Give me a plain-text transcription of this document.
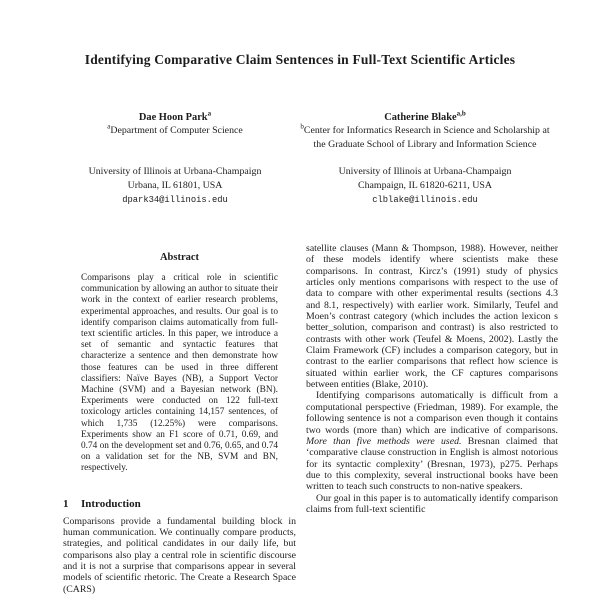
Identifying Comparative Claim Sentences in Full-Text Scientific Articles
Dae Hoon Park$^a$
$^a$Department of Computer Science
University of Illinois at Urbana-Champaign
Urbana, IL 61801, USA
dpark34@illinois.edu
Catherine Blake$^{a,b}$
$^b$Center for Informatics Research in Science and Scholarship at the Graduate School of Library and Information Science
University of Illinois at Urbana-Champaign
Champaign, IL 61820-6211, USA
clblake@illinois.edu
Abstract

Comparisons play a critical role in scientific communication by allowing an author to situate their work in the context of earlier research problems, experimental approaches, and results. Our goal is to identify comparison claims automatically from full-text scientific articles. In this paper, we introduce a set of semantic and syntactic features that characterize a sentence and then demonstrate how those features can be used in three different classifiers: Naïve Bayes (NB), a Support Vector Machine (SVM) and a Bayesian network (BN). Experiments were conducted on 122 full-text toxicology articles containing 14,157 sentences, of which 1,735 (12.25%) were comparisons. Experiments show an F1 score of 0.71, 0.69, and 0.74 on the development set and 0.76, 0.65, and 0.74 on a validation set for the NB, SVM and BN, respectively.

1 Introduction

Comparisons provide a fundamental building block in human communication. We continually compare products, strategies, and political candidates in our daily life, but comparisons also play a central role in scientific discourse and it is not a surprise that comparisons appear in several models of scientific rhetoric. The Create a Research Space (CARS)

satellite clauses (Mann & Thompson, 1988). However, neither of these models identify where scientists make these comparisons. In contrast, Kircz’s (1991) study of physics articles only mentions comparisons with respect to the use of data to compare with other experimental results (sections 4.3 and 8.1, respectively) with earlier work. Similarly, Teufel and Moen’s contrast category (which includes the action lexicon s better_solution, comparison and contrast) is also restricted to contrasts with other work (Teufel & Moens, 2002). Lastly the Claim Framework (CF) includes a comparison category, but in contrast to the earlier comparisons that reflect how science is situated within earlier work, the CF captures comparisons between entities (Blake, 2010).

Identifying comparisons automatically is difficult from a computational perspective (Friedman, 1989). For example, the following sentence is not a comparison even though it contains two words (more than) which are indicative of comparisons. More than five methods were used. Bresnan claimed that ‘comparative clause construction in English is almost notorious for its syntactic complexity’ (Bresnan, 1973), p275. Perhaps due to this complexity, several instructional books have been written to teach such constructs to non-native speakers.

Our goal in this paper is to automatically identify comparison claims from full-text scientific
